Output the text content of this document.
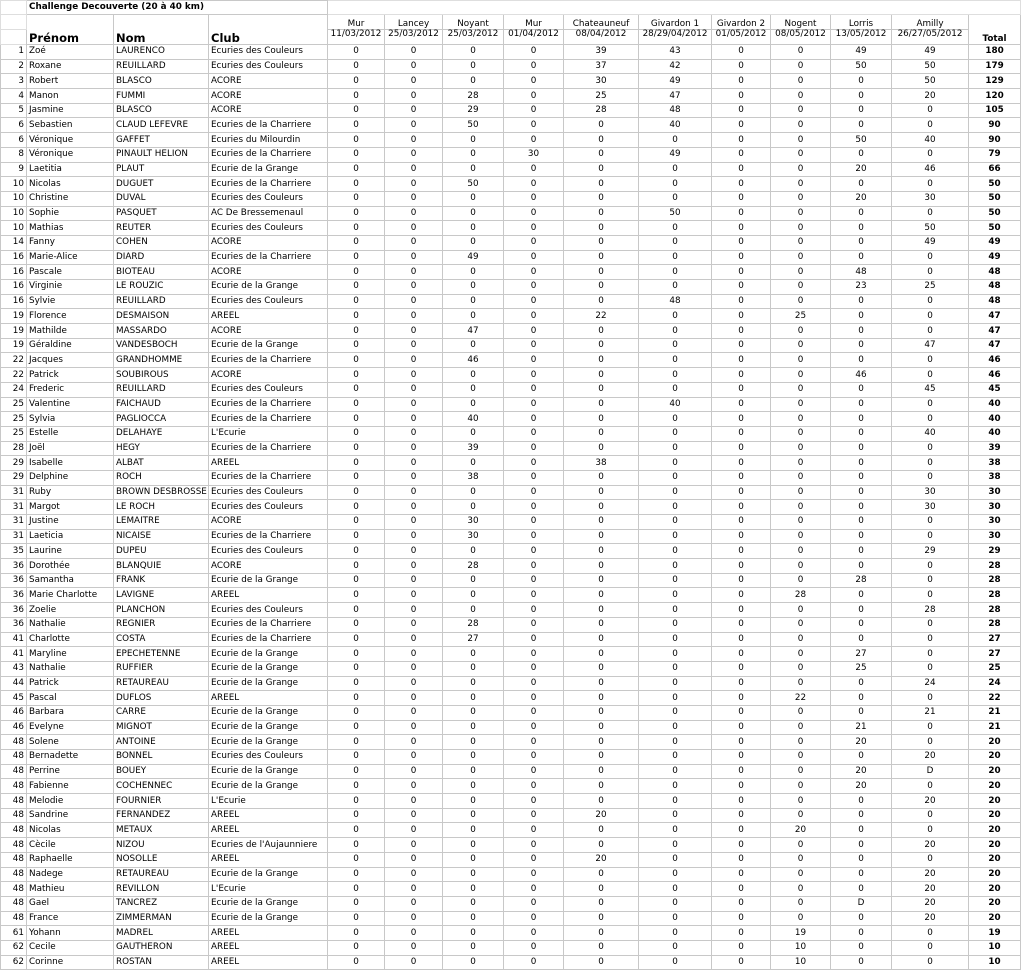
	Challenge Decouverte (20 à 40 km)													
	Prénom	Nom	Club	Mur	Lancey	Noyant	Mur	Chateauneuf	Givardon 1	Givardon 2	Nogent	Lorris	Amilly	Total
				11/03/2012	25/03/2012	25/03/2012	01/04/2012	08/04/2012	28/29/04/2012	01/05/2012	08/05/2012	13/05/2012	26/27/05/2012	
1	Zoé	LAURENCO	Ecuries des Couleurs	0	0	0	0	39	43	0	0	49	49	180
2	Roxane	REUILLARD	Ecuries des Couleurs	0	0	0	0	37	42	0	0	50	50	179
3	Robert	BLASCO	ACORE	0	0	0	0	30	49	0	0	0	50	129
4	Manon	FUMMI	ACORE	0	0	28	0	25	47	0	0	0	20	120
5	Jasmine	BLASCO	ACORE	0	0	29	0	28	48	0	0	0	0	105
6	Sebastien	CLAUD LEFEVRE	Ecuries de la Charriere	0	0	50	0	0	40	0	0	0	0	90
6	Véronique	GAFFET	Ecuries du Milourdin	0	0	0	0	0	0	0	0	50	40	90
8	Véronique	PINAULT HELION	Ecuries de la Charriere	0	0	0	30	0	49	0	0	0	0	79
9	Laetitia	PLAUT	Ecurie de la Grange	0	0	0	0	0	0	0	0	20	46	66
10	Nicolas	DUGUET	Ecuries de la Charriere	0	0	50	0	0	0	0	0	0	0	50
10	Christine	DUVAL	Ecuries des Couleurs	0	0	0	0	0	0	0	0	20	30	50
10	Sophie	PASQUET	AC De Bressemenaul	0	0	0	0	0	50	0	0	0	0	50
10	Mathias	REUTER	Ecuries des Couleurs	0	0	0	0	0	0	0	0	0	50	50
14	Fanny	COHEN	ACORE	0	0	0	0	0	0	0	0	0	49	49
16	Marie-Alice	DIARD	Ecuries de la Charriere	0	0	49	0	0	0	0	0	0	0	49
16	Pascale	BIOTEAU	ACORE	0	0	0	0	0	0	0	0	48	0	48
16	Virginie	LE ROUZIC	Ecurie de la Grange	0	0	0	0	0	0	0	0	23	25	48
16	Sylvie	REUILLARD	Ecuries des Couleurs	0	0	0	0	0	48	0	0	0	0	48
19	Florence	DESMAISON	AREEL	0	0	0	0	22	0	0	25	0	0	47
19	Mathilde	MASSARDO	ACORE	0	0	47	0	0	0	0	0	0	0	47
19	Géraldine	VANDESBOCH	Ecurie de la Grange	0	0	0	0	0	0	0	0	0	47	47
22	Jacques	GRANDHOMME	Ecuries de la Charriere	0	0	46	0	0	0	0	0	0	0	46
22	Patrick	SOUBIROUS	ACORE	0	0	0	0	0	0	0	0	46	0	46
24	Frederic	REUILLARD	Ecuries des Couleurs	0	0	0	0	0	0	0	0	0	45	45
25	Valentine	FAICHAUD	Ecuries de la Charriere	0	0	0	0	0	40	0	0	0	0	40
25	Sylvia	PAGLIOCCA	Ecuries de la Charriere	0	0	40	0	0	0	0	0	0	0	40
25	Estelle	DELAHAYE	L'Ecurie	0	0	0	0	0	0	0	0	0	40	40
28	Joël	HEGY	Ecuries de la Charriere	0	0	39	0	0	0	0	0	0	0	39
29	Isabelle	ALBAT	AREEL	0	0	0	0	38	0	0	0	0	0	38
29	Delphine	ROCH	Ecuries de la Charriere	0	0	38	0	0	0	0	0	0	0	38
31	Ruby	BROWN DESBROSSE	Ecuries des Couleurs	0	0	0	0	0	0	0	0	0	30	30
31	Margot	LE ROCH	Ecuries des Couleurs	0	0	0	0	0	0	0	0	0	30	30
31	Justine	LEMAITRE	ACORE	0	0	30	0	0	0	0	0	0	0	30
31	Laeticia	NICAISE	Ecuries de la Charriere	0	0	30	0	0	0	0	0	0	0	30
35	Laurine	DUPEU	Ecuries des Couleurs	0	0	0	0	0	0	0	0	0	29	29
36	Dorothée	BLANQUIE	ACORE	0	0	28	0	0	0	0	0	0	0	28
36	Samantha	FRANK	Ecurie de la Grange	0	0	0	0	0	0	0	0	28	0	28
36	Marie Charlotte	LAVIGNE	AREEL	0	0	0	0	0	0	0	28	0	0	28
36	Zoelie	PLANCHON	Ecuries des Couleurs	0	0	0	0	0	0	0	0	0	28	28
36	Nathalie	REGNIER	Ecuries de la Charriere	0	0	28	0	0	0	0	0	0	0	28
41	Charlotte	COSTA	Ecuries de la Charriere	0	0	27	0	0	0	0	0	0	0	27
41	Maryline	EPECHETENNE	Ecurie de la Grange	0	0	0	0	0	0	0	0	27	0	27
43	Nathalie	RUFFIER	Ecurie de la Grange	0	0	0	0	0	0	0	0	25	0	25
44	Patrick	RETAUREAU	Ecurie de la Grange	0	0	0	0	0	0	0	0	0	24	24
45	Pascal	DUFLOS	AREEL	0	0	0	0	0	0	0	22	0	0	22
46	Barbara	CARRE	Ecurie de la Grange	0	0	0	0	0	0	0	0	0	21	21
46	Evelyne	MIGNOT	Ecurie de la Grange	0	0	0	0	0	0	0	0	21	0	21
48	Solene	ANTOINE	Ecurie de la Grange	0	0	0	0	0	0	0	0	20	0	20
48	Bernadette	BONNEL	Ecuries des Couleurs	0	0	0	0	0	0	0	0	0	20	20
48	Perrine	BOUEY	Ecurie de la Grange	0	0	0	0	0	0	0	0	20	D	20
48	Fabienne	COCHENNEC	Ecurie de la Grange	0	0	0	0	0	0	0	0	20	0	20
48	Melodie	FOURNIER	L'Ecurie	0	0	0	0	0	0	0	0	0	20	20
48	Sandrine	FERNANDEZ	AREEL	0	0	0	0	20	0	0	0	0	0	20
48	Nicolas	METAUX	AREEL	0	0	0	0	0	0	0	20	0	0	20
48	Cècile	NIZOU	Ecuries de l'Aujaunniere	0	0	0	0	0	0	0	0	0	20	20
48	Raphaelle	NOSOLLE	AREEL	0	0	0	0	20	0	0	0	0	0	20
48	Nadege	RETAUREAU	Ecurie de la Grange	0	0	0	0	0	0	0	0	0	20	20
48	Mathieu	REVILLON	L'Ecurie	0	0	0	0	0	0	0	0	0	20	20
48	Gael	TANCREZ	Ecurie de la Grange	0	0	0	0	0	0	0	0	D	20	20
48	France	ZIMMERMAN	Ecurie de la Grange	0	0	0	0	0	0	0	0	0	20	20
61	Yohann	MADREL	AREEL	0	0	0	0	0	0	0	19	0	0	19
62	Cecile	GAUTHERON	AREEL	0	0	0	0	0	0	0	10	0	0	10
62	Corinne	ROSTAN	AREEL	0	0	0	0	0	0	0	10	0	0	10
